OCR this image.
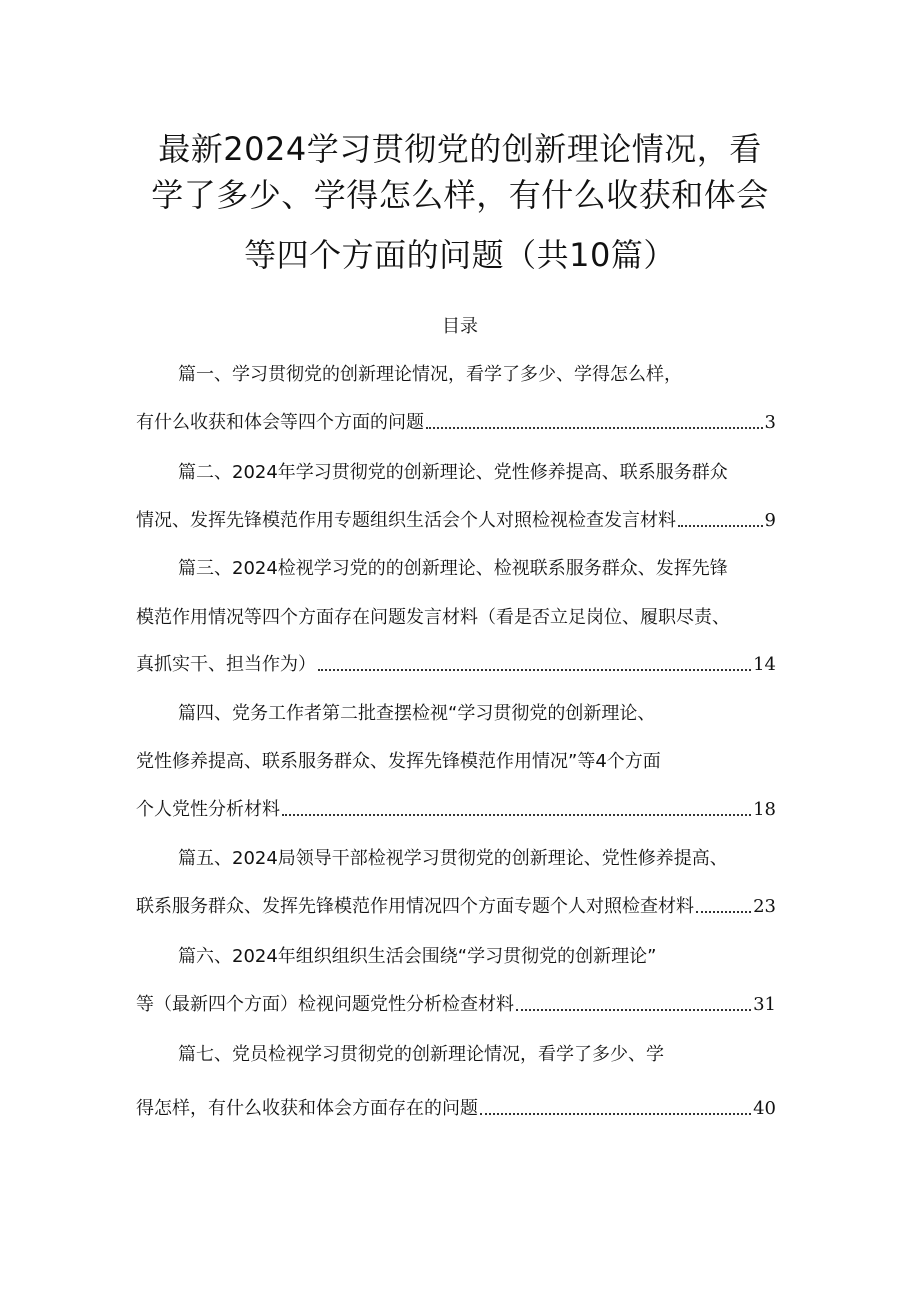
最新2024学习贯彻党的创新理论情况，看
学了多少、学得怎么样，有什么收获和体会
等四个方面的问题（共10篇）
目录
篇一、学习贯彻党的创新理论情况，看学了多少、学得怎么样，
有什么收获和体会等四个方面的问题	3
篇二、2024年学习贯彻党的创新理论、党性修养提高、联系服务群众
情况、发挥先锋模范作用专题组织生活会个人对照检视检查发言材料	9
篇三、2024检视学习党的的创新理论、检视联系服务群众、发挥先锋
模范作用情况等四个方面存在问题发言材料（看是否立足岗位、履职尽责、
真抓实干、担当作为）	14
篇四、党务工作者第二批查摆检视“学习贯彻党的创新理论、
党性修养提高、联系服务群众、发挥先锋模范作用情况”等4个方面
个人党性分析材料	18
篇五、2024局领导干部检视学习贯彻党的创新理论、党性修养提高、
联系服务群众、发挥先锋模范作用情况四个方面专题个人对照检查材料	23
篇六、2024年组织组织生活会围绕“学习贯彻党的创新理论”
等（最新四个方面）检视问题党性分析检查材料	31
篇七、党员检视学习贯彻党的创新理论情况，看学了多少、学
得怎样，有什么收获和体会方面存在的问题	40
